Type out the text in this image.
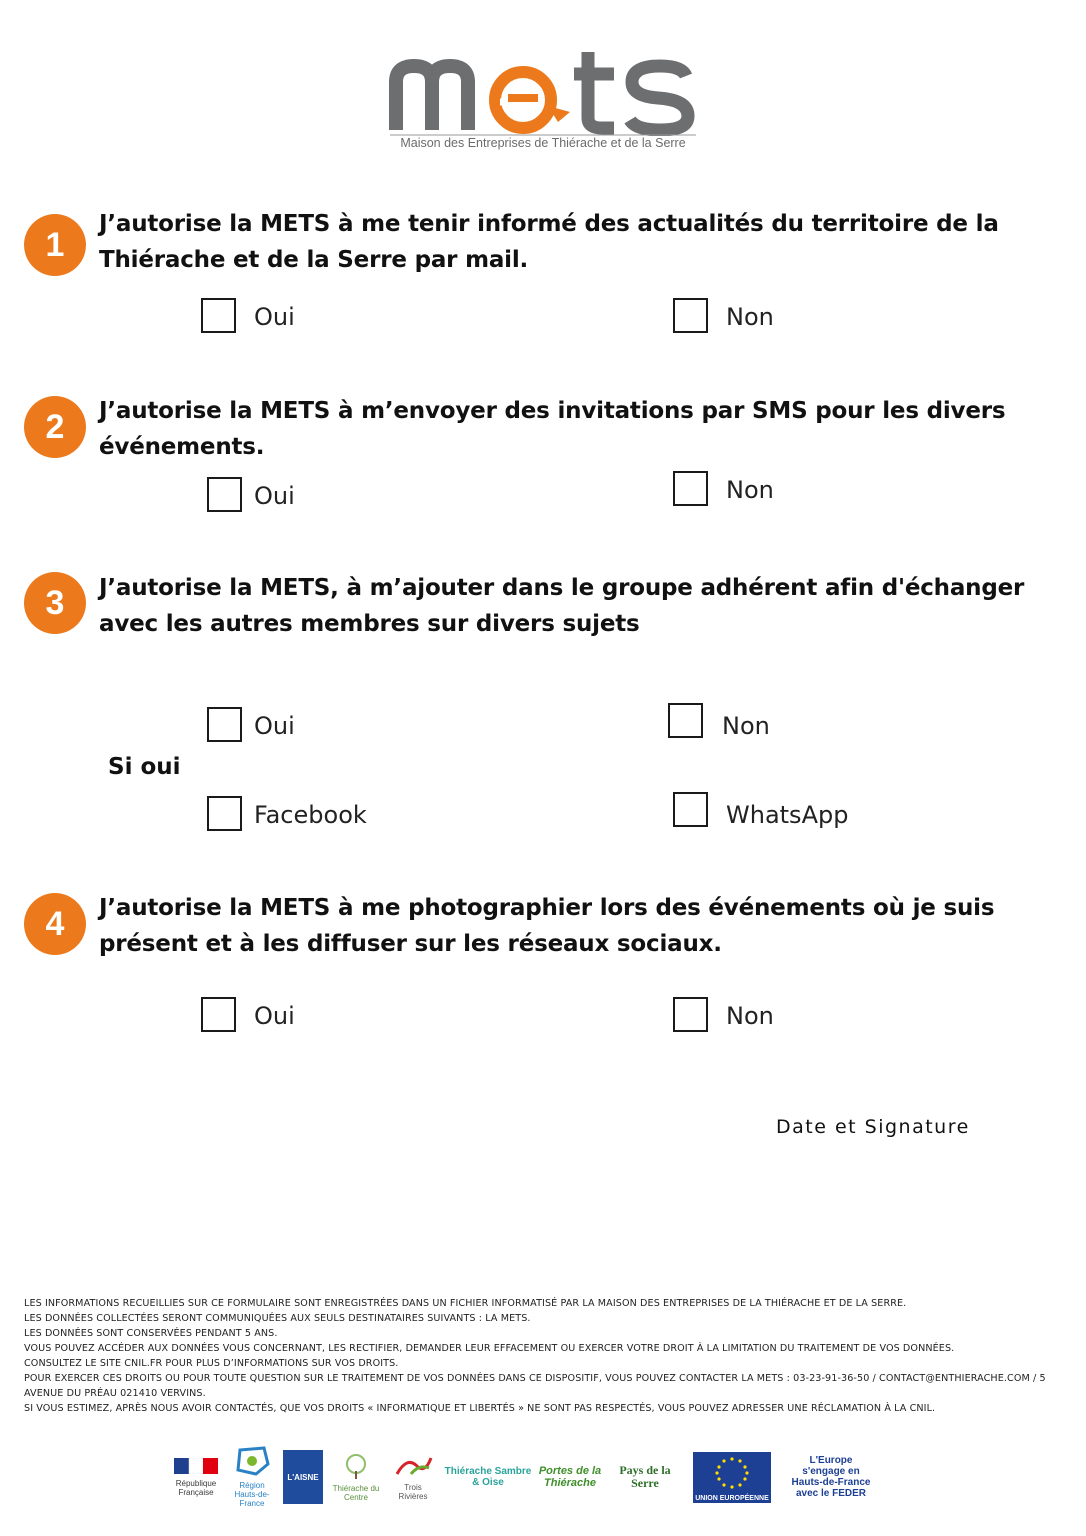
Maison des Entreprises de Thiérache et de la Serre
1
J’autorise la METS à me tenir informé des actualités du territoire de la Thiérache et de la Serre par mail.
Oui	Non
2	J’autorise la METS à m’envoyer des invitations par SMS pour les divers événements.
Oui	Non
3	J’autorise la METS, à m’ajouter dans le groupe adhérent afin d'échanger avec les autres membres sur divers sujets
Oui	Non
Si oui
Facebook	WhatsApp
4	J’autorise la METS à me photographier lors des événements où je suis présent et à les diffuser sur les réseaux sociaux.
Oui	Non
Date et Signature

LES INFORMATIONS RECUEILLIES SUR CE FORMULAIRE SONT ENREGISTRÉES DANS UN FICHIER INFORMATISÉ PAR LA MAISON DES ENTREPRISES DE LA THIÉRACHE ET DE LA SERRE.

LES DONNÉES COLLECTÉES SERONT COMMUNIQUÉES AUX SEULS DESTINATAIRES SUIVANTS : LA METS.

LES DONNÉES SONT CONSERVÉES PENDANT 5 ANS.

VOUS POUVEZ ACCÉDER AUX DONNÉES VOUS CONCERNANT, LES RECTIFIER, DEMANDER LEUR EFFACEMENT OU EXERCER VOTRE DROIT À LA LIMITATION DU TRAITEMENT DE VOS DONNÉES.

CONSULTEZ LE SITE CNIL.FR POUR PLUS D’INFORMATIONS SUR VOS DROITS.

POUR EXERCER CES DROITS OU POUR TOUTE QUESTION SUR LE TRAITEMENT DE VOS DONNÉES DANS CE DISPOSITIF, VOUS POUVEZ CONTACTER LA METS : 03-23-91-36-50 / CONTACT@ENTHIERACHE.COM / 5 AVENUE DU PRÉAU 021410 VERVINS.

SI VOUS ESTIMEZ, APRÈS NOUS AVOIR CONTACTÉS, QUE VOS DROITS « INFORMATIQUE ET LIBERTÉS » NE SONT PAS RESPECTÉS, VOUS POUVEZ ADRESSER UNE RÉCLAMATION À LA CNIL.

République Française
Région Hauts-de-France
L'AISNE
Thiérache du Centre
Trois Rivières
Thiérache Sambre & Oise
Portes de la Thiérache
Pays de la Serre
UNION EUROPÉENNE
L'Europe s'engage en Hauts-de-France avec le FEDER
